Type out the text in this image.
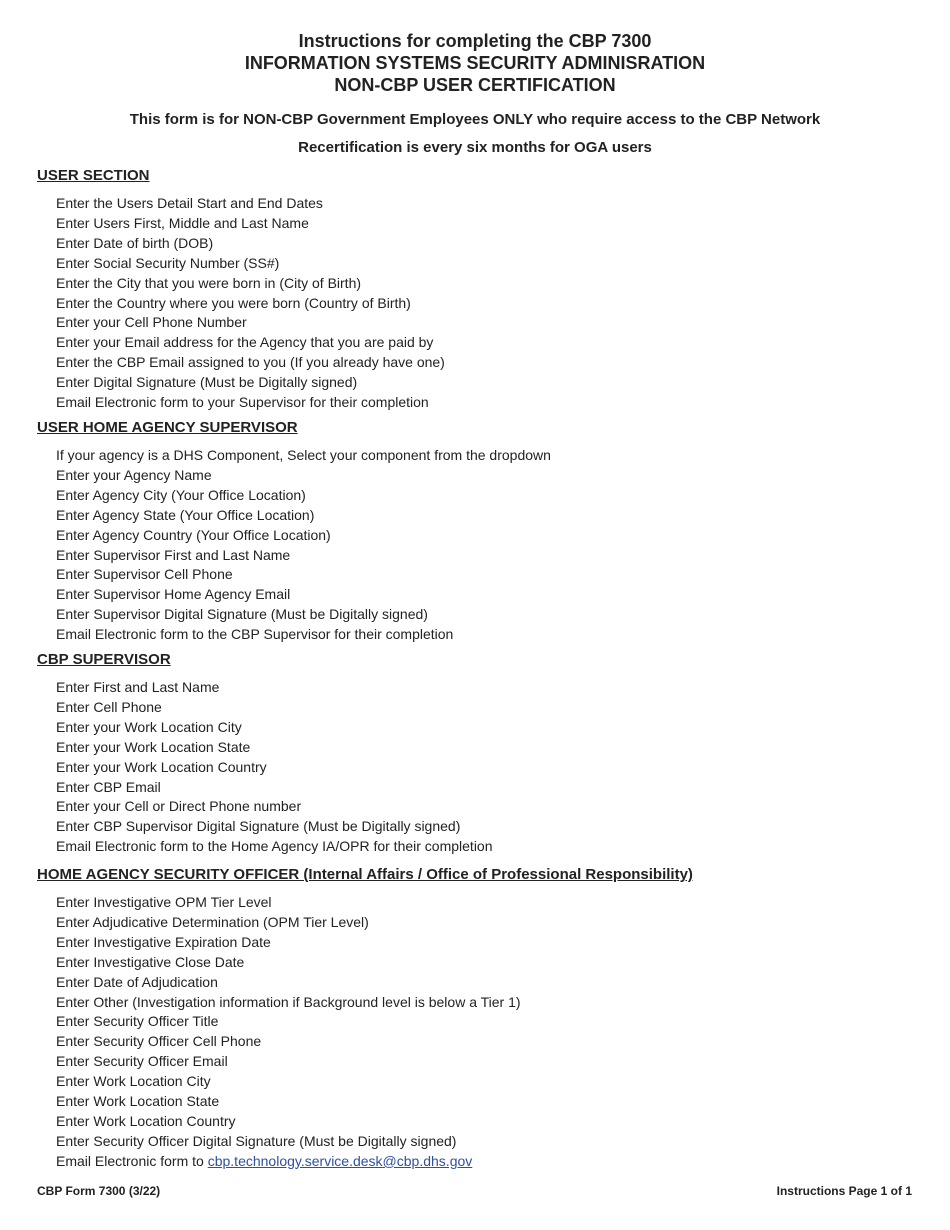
Instructions for completing the CBP 7300
INFORMATION SYSTEMS SECURITY ADMINISRATION
NON-CBP USER CERTIFICATION
This form is for NON-CBP Government Employees ONLY who require access to the CBP Network
Recertification is every six months for OGA users
USER SECTION
Enter the Users Detail Start and End Dates
Enter Users First, Middle and Last Name
Enter Date of birth (DOB)
Enter Social Security Number (SS#)
Enter the City that you were born in (City of Birth)
Enter the Country where you were born (Country of Birth)
Enter your Cell Phone Number
Enter your Email address for the Agency that you are paid by
Enter the CBP Email assigned to you (If you already have one)
Enter Digital Signature (Must be Digitally signed)
Email Electronic form to your Supervisor for their completion
USER HOME AGENCY SUPERVISOR
If your agency is a DHS Component, Select your component from the dropdown
Enter your Agency Name
Enter Agency City (Your Office Location)
Enter Agency State (Your Office Location)
Enter Agency Country (Your Office Location)
Enter Supervisor First and Last Name
Enter Supervisor Cell Phone
Enter Supervisor Home Agency Email
Enter Supervisor Digital Signature (Must be Digitally signed)
Email Electronic form to the CBP Supervisor for their completion
CBP SUPERVISOR
Enter First and Last Name
Enter Cell Phone
Enter your Work Location City
Enter your Work Location State
Enter your Work Location Country
Enter CBP Email
Enter your Cell or Direct Phone number
Enter CBP Supervisor Digital Signature (Must be Digitally signed)
Email Electronic form to the Home Agency IA/OPR for their completion
HOME AGENCY SECURITY OFFICER (Internal Affairs / Office of Professional Responsibility)
Enter Investigative OPM Tier Level
Enter Adjudicative Determination (OPM Tier Level)
Enter Investigative Expiration Date
Enter Investigative Close Date
Enter Date of Adjudication
Enter Other (Investigation information if Background level is below a Tier 1)
Enter Security Officer Title
Enter Security Officer Cell Phone
Enter Security Officer Email
Enter Work Location City
Enter Work Location State
Enter Work Location Country
Enter Security Officer Digital Signature (Must be Digitally signed)
Email Electronic form to cbp.technology.service.desk@cbp.dhs.gov
CBP Form 7300 (3/22)	Instructions Page 1 of 1
